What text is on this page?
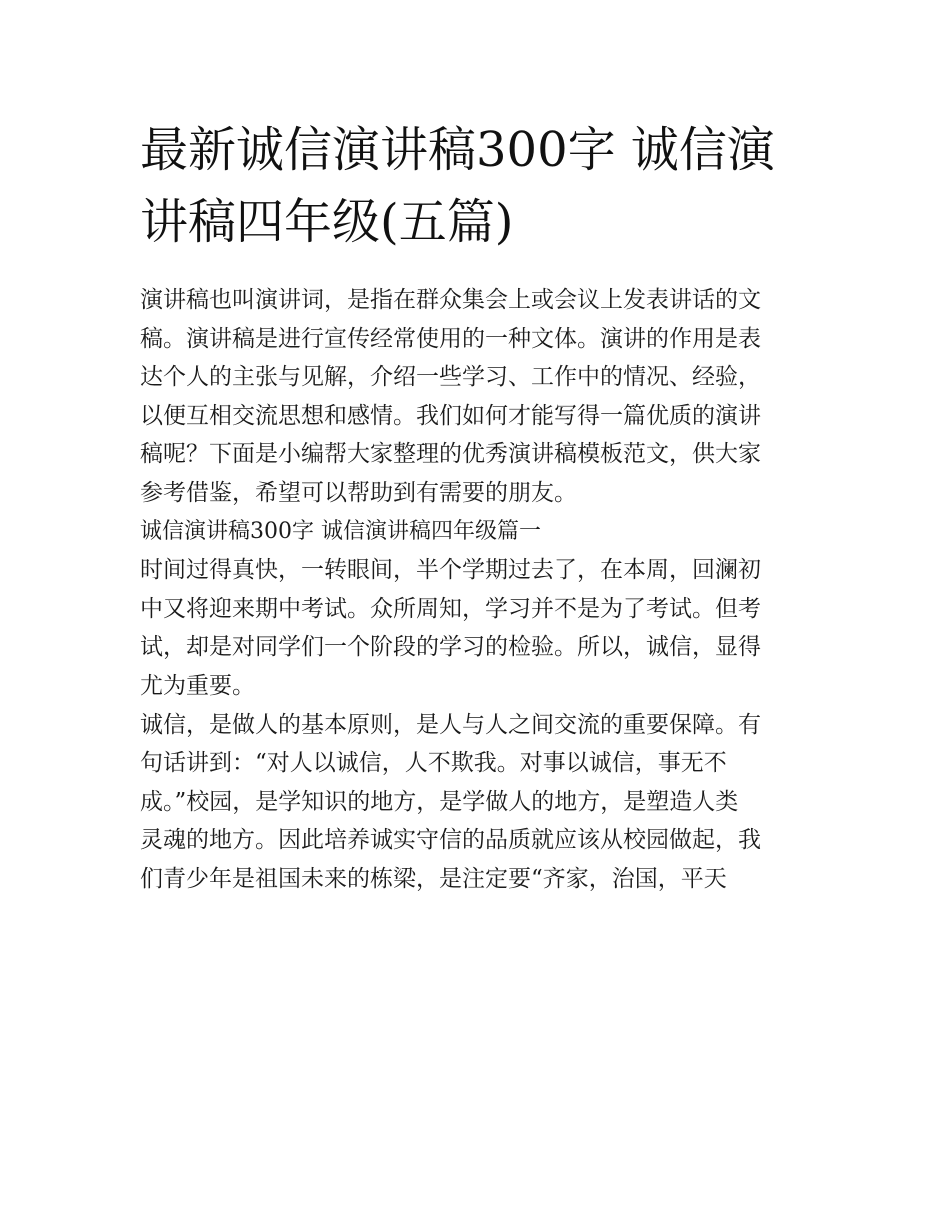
最新诚信演讲稿300字 诚信演
讲稿四年级(五篇)

演讲稿也叫演讲词，是指在群众集会上或会议上发表讲话的文
稿。演讲稿是进行宣传经常使用的一种文体。演讲的作用是表
达个人的主张与见解，介绍一些学习、工作中的情况、经验，
以便互相交流思想和感情。我们如何才能写得一篇优质的演讲
稿呢？下面是小编帮大家整理的优秀演讲稿模板范文，供大家
参考借鉴，希望可以帮助到有需要的朋友。

诚信演讲稿300字 诚信演讲稿四年级篇一

时间过得真快，一转眼间，半个学期过去了，在本周，回澜初
中又将迎来期中考试。众所周知，学习并不是为了考试。但考
试，却是对同学们一个阶段的学习的检验。所以，诚信，显得
尤为重要。

诚信，是做人的基本原则，是人与人之间交流的重要保障。有
句话讲到：“对人以诚信，人不欺我。对事以诚信，事无不
成。”校园，是学知识的地方，是学做人的地方，是塑造人类
灵魂的地方。因此培养诚实守信的品质就应该从校园做起，我
们青少年是祖国未来的栋梁，是注定要“齐家，治国，平天
